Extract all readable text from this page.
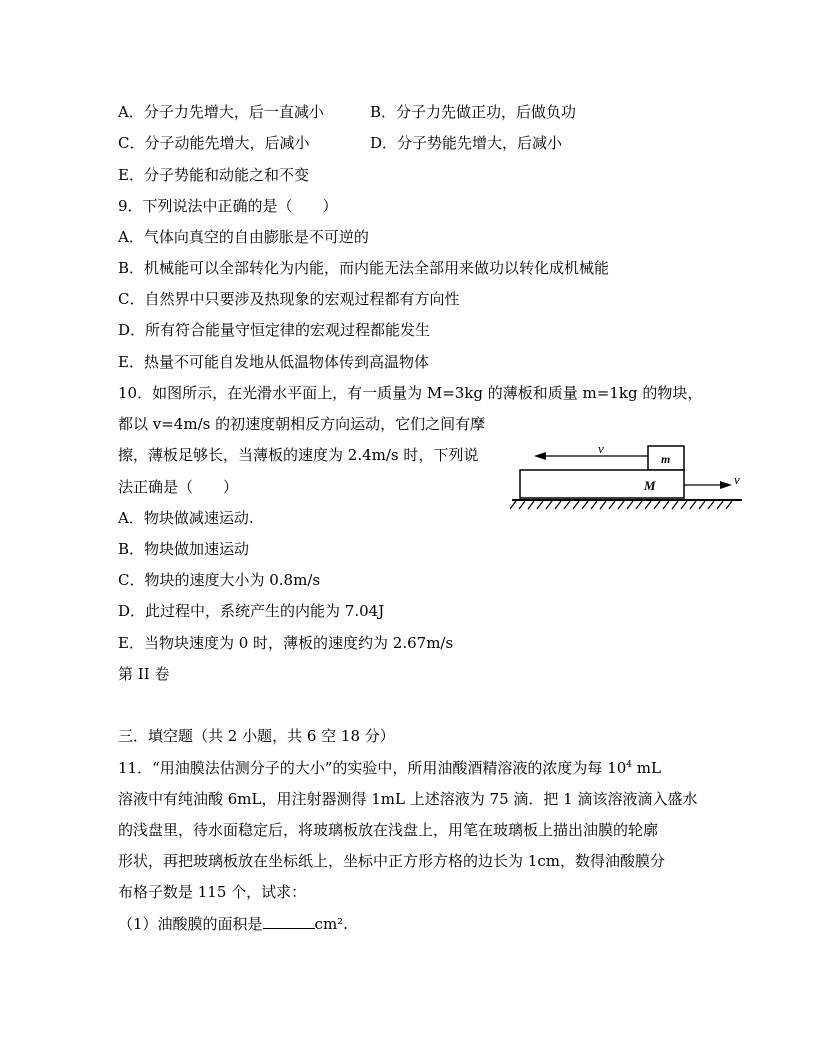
A．分子力先增大，后一直减小	B．分子力先做正功，后做负功
C．分子动能先增大，后减小	D．分子势能先增大，后减小
E．分子势能和动能之和不变
9．下列说法中正确的是（　　）
A．气体向真空的自由膨胀是不可逆的
B．机械能可以全部转化为内能，而内能无法全部用来做功以转化成机械能
C．自然界中只要涉及热现象的宏观过程都有方向性
D．所有符合能量守恒定律的宏观过程都能发生
E．热量不可能自发地从低温物体传到高温物体
10．如图所示，在光滑水平面上，有一质量为 M=3kg 的薄板和质量 m=1kg 的物块，
都以 v=4m/s 的初速度朝相反方向运动，它们之间有摩
擦，薄板足够长，当薄板的速度为 2.4m/s 时，下列说
法正确是（　　）
A．物块做减速运动.
B．物块做加速运动
C．物块的速度大小为 0.8m/s
D．此过程中，系统产生的内能为 7.04J
E．当物块速度为 0 时，薄板的速度约为 2.67m/s
v
m
M	v
第 II 卷
三．填空题（共 2 小题，共 6 空 18 分）
11．“用油膜法估测分子的大小”的实验中，所用油酸酒精溶液的浓度为每 $10^4$ mL
溶液中有纯油酸 6mL，用注射器测得 1mL 上述溶液为 75 滴．把 1 滴该溶液滴入盛水
的浅盘里，待水面稳定后，将玻璃板放在浅盘上，用笔在玻璃板上描出油膜的轮廓
形状，再把玻璃板放在坐标纸上，坐标中正方形方格的边长为 1cm，数得油酸膜分
布格子数是 115 个，试求：
（1）油酸膜的面积是	cm².
